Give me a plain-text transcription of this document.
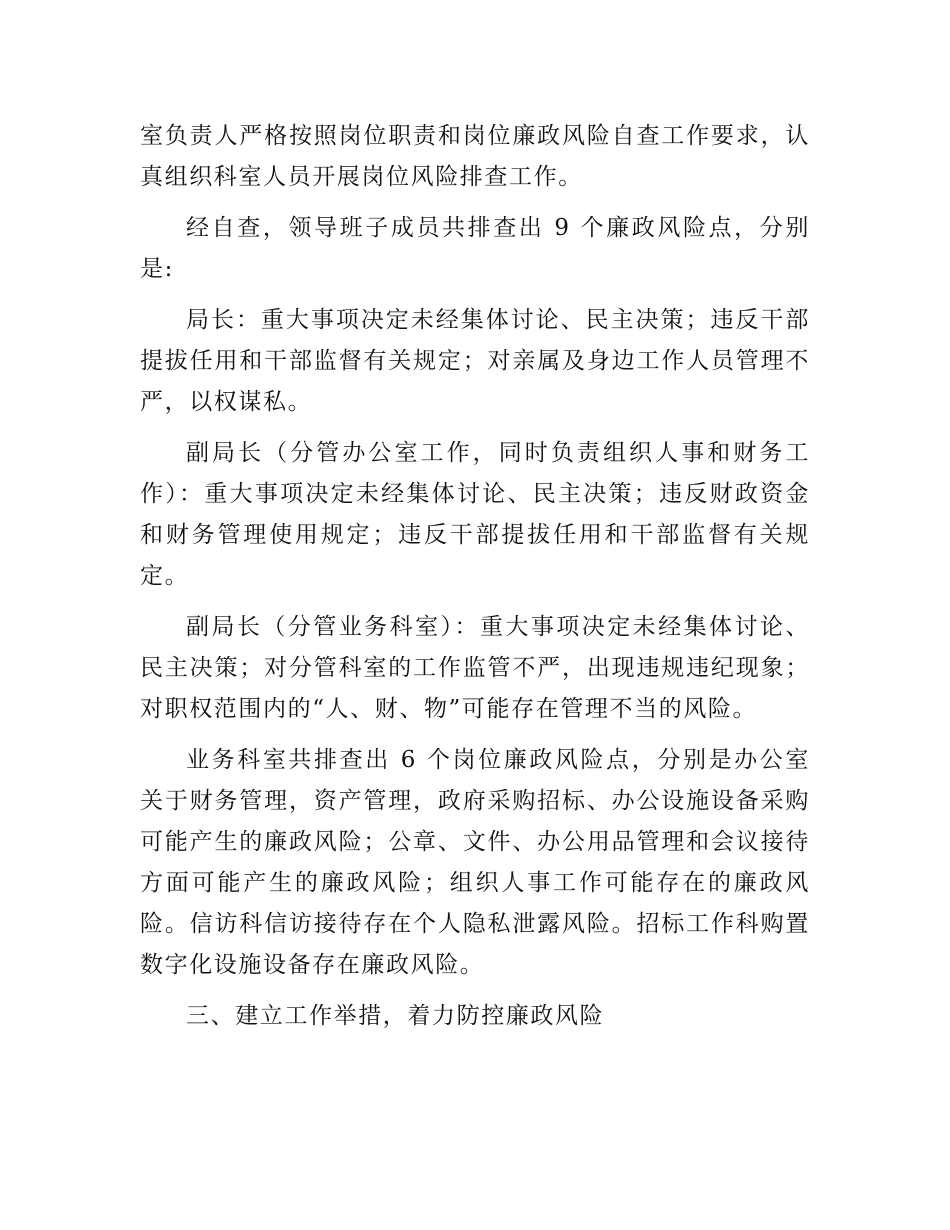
室负责人严格按照岗位职责和岗位廉政风险自查工作要求，认真组织科室人员开展岗位风险排查工作。

经自查，领导班子成员共排查出 9 个廉政风险点，分别是:

局长：重大事项决定未经集体讨论、民主决策；违反干部提拔任用和干部监督有关规定；对亲属及身边工作人员管理不严，以权谋私。

副局长（分管办公室工作，同时负责组织人事和财务工作）：重大事项决定未经集体讨论、民主决策；违反财政资金和财务管理使用规定；违反干部提拔任用和干部监督有关规定。

副局长（分管业务科室）：重大事项决定未经集体讨论、民主决策；对分管科室的工作监管不严，出现违规违纪现象；对职权范围内的“人、财、物”可能存在管理不当的风险。

业务科室共排查出 6 个岗位廉政风险点，分别是办公室关于财务管理，资产管理，政府采购招标、办公设施设备采购可能产生的廉政风险；公章、文件、办公用品管理和会议接待方面可能产生的廉政风险；组织人事工作可能存在的廉政风险。信访科信访接待存在个人隐私泄露风险。招标工作科购置数字化设施设备存在廉政风险。

三、建立工作举措，着力防控廉政风险
